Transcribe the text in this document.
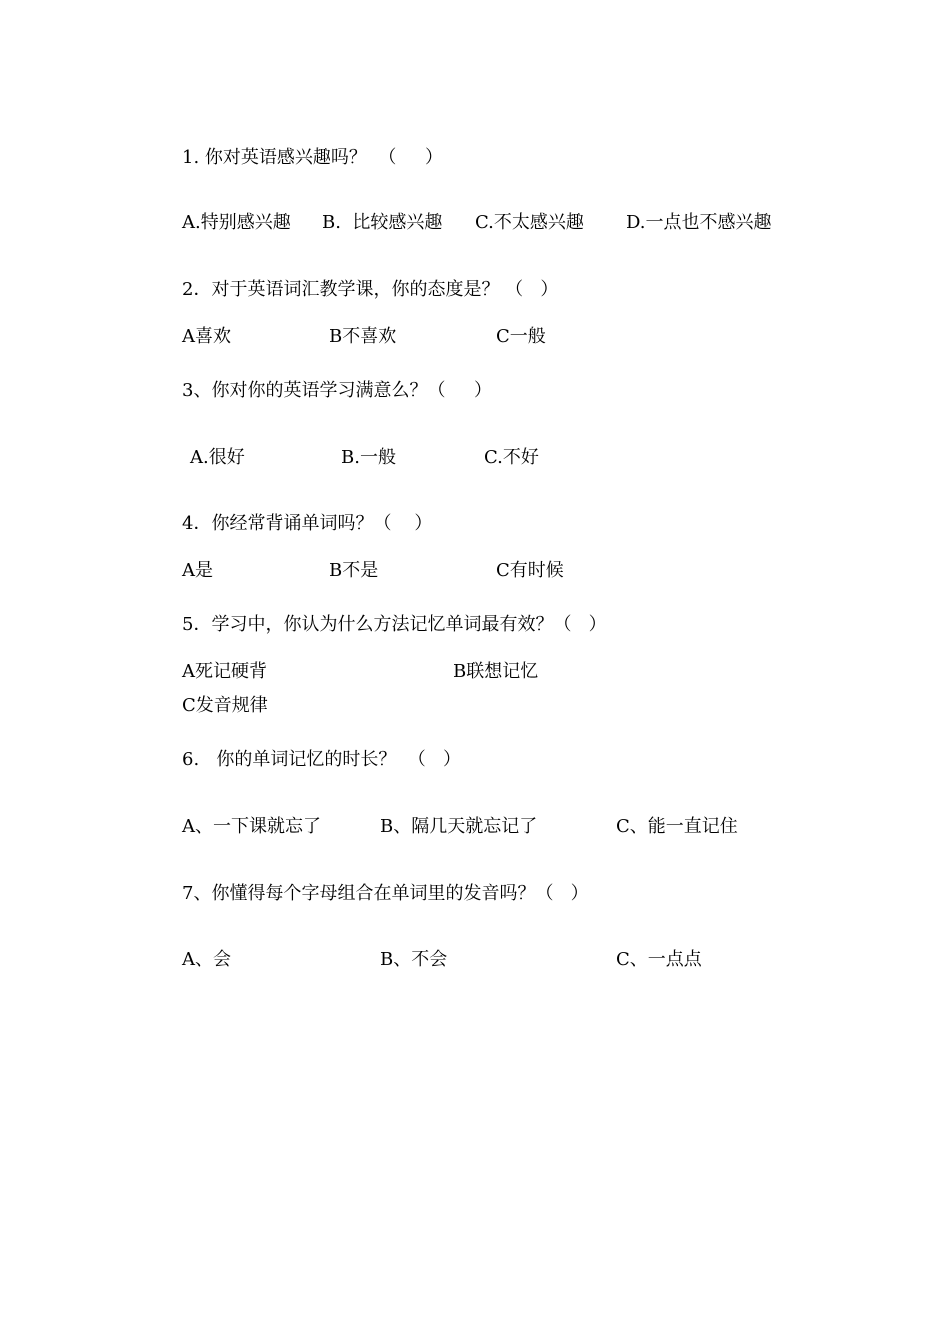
1. 你对英语感兴趣吗？  （     ）
A.特别感兴趣 B.  比较感兴趣 C.不太感兴趣 D.一点也不感兴趣
2．对于英语词汇教学课，你的态度是？ （   ）
A喜欢	B不喜欢	C一般
3、你对你的英语学习满意么？（     ）
A.很好	B.一般	C.不好
4．你经常背诵单词吗？（    ）
A是	B不是	C有时候
5．学习中，你认为什么方法记忆单词最有效？（   ）
A死记硬背	B联想记忆
C发音规律
6.   你的单词记忆的时长？  （   ）
A、一下课就忘了	B、隔几天就忘记了	C、能一直记住
7、你懂得每个字母组合在单词里的发音吗？（   ）
A、会	B、不会	C、一点点
